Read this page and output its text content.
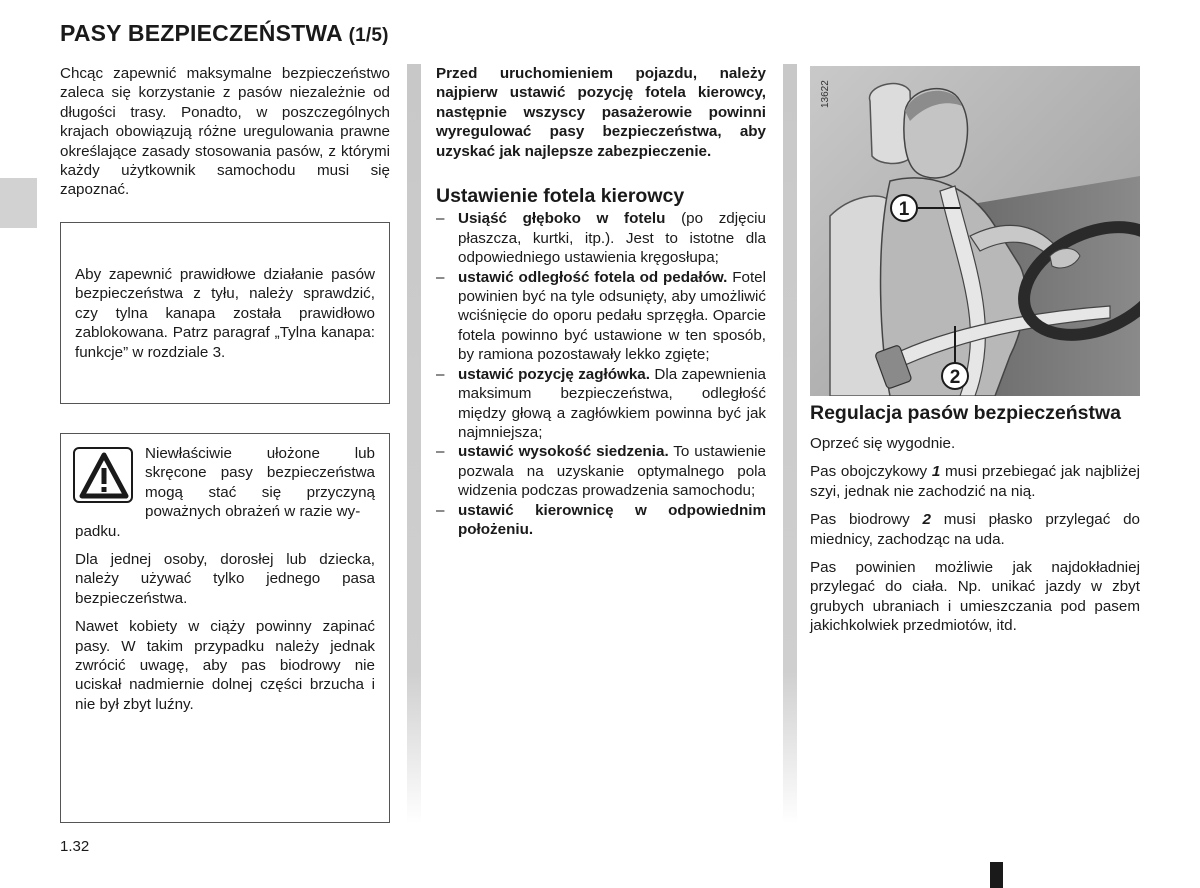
PASY BEZPIECZEŃSTWA (1/5)
Chcąc zapewnić maksymalne bezpieczeństwo zaleca się korzystanie z pasów niezależnie od długości trasy. Ponadto, w poszczególnych krajach obowiązują różne uregulowania prawne określające zasady stosowania pasów, z którymi każdy użytkownik samochodu musi się zapoznać.
Aby zapewnić prawidłowe działanie pasów bezpieczeństwa z tyłu, należy sprawdzić, czy tylna kanapa została prawidłowo zablokowana. Patrz paragraf „Tylna kanapa: funkcje” w rozdziale 3.
Niewłaściwie ułożone lub skręcone pasy bezpieczeństwa mogą stać się przyczyną poważnych obrażeń w razie wy-
padku.
Dla jednej osoby, dorosłej lub dziecka, należy używać tylko jednego pasa bezpieczeństwa.
Nawet kobiety w ciąży powinny zapinać pasy. W takim przypadku należy jednak zwrócić uwagę, aby pas biodrowy nie uciskał nadmiernie dolnej części brzucha i nie był zbyt luźny.
Przed uruchomieniem pojazdu, należy najpierw ustawić pozycję fotela kierowcy, następnie wszyscy pasażerowie powinni wyregulować pasy bezpieczeństwa, aby uzyskać jak najlepsze zabezpieczenie.
Ustawienie fotela kierowcy
– Usiąść głęboko w fotelu (po zdjęciu płaszcza, kurtki, itp.). Jest to istotne dla odpowiedniego ustawienia kręgosłupa;
– ustawić odległość fotela od pedałów. Fotel powinien być na tyle odsunięty, aby umożliwić wciśnięcie do oporu pedału sprzęgła. Oparcie fotela powinno być ustawione w ten sposób, by ramiona pozostawały lekko zgięte;
– ustawić pozycję zagłówka. Dla zapewnienia maksimum bezpieczeństwa, odległość między głową a zagłówkiem powinna być jak najmniejsza;
– ustawić wysokość siedzenia. To ustawienie pozwala na uzyskanie optymalnego pola widzenia podczas prowadzenia samochodu;
– ustawić kierownicę w odpowiednim położeniu.
1
2
13622
Regulacja pasów bezpieczeństwa

Oprzeć się wygodnie.

Pas obojczykowy 1 musi przebiegać jak najbliżej szyi, jednak nie zachodzić na nią.

Pas biodrowy 2 musi płasko przylegać do miednicy, zachodząc na uda.

Pas powinien możliwie jak najdokładniej przylegać do ciała. Np. unikać jazdy w zbyt grubych ubraniach i umieszczania pod pasem jakichkolwiek przedmiotów, itd.

1.32
